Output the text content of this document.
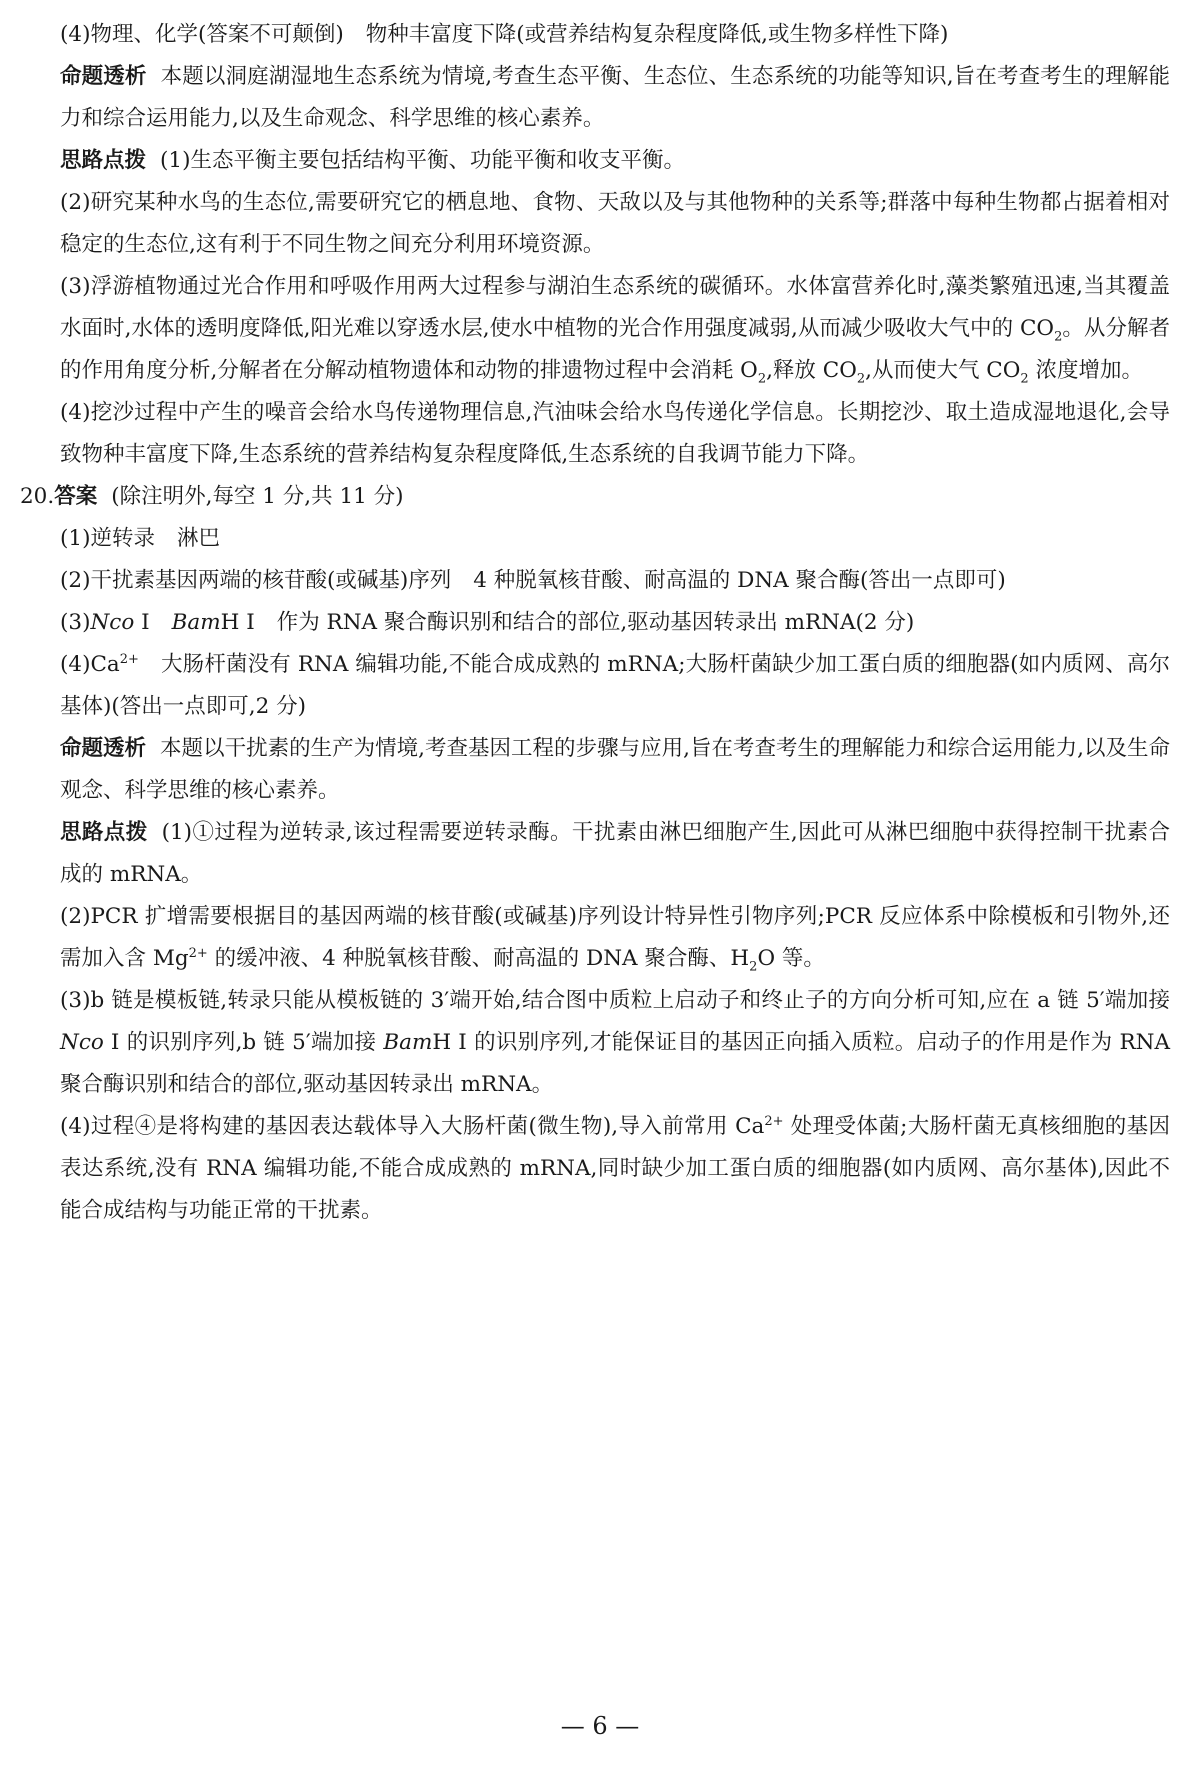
(4)物理、化学(答案不可颠倒) 物种丰富度下降(或营养结构复杂程度降低,或生物多样性下降)

命题透析 本题以洞庭湖湿地生态系统为情境,考查生态平衡、生态位、生态系统的功能等知识,旨在考查考生的理解能力和综合运用能力,以及生命观念、科学思维的核心素养。

思路点拨 (1)生态平衡主要包括结构平衡、功能平衡和收支平衡。

(2)研究某种水鸟的生态位,需要研究它的栖息地、食物、天敌以及与其他物种的关系等;群落中每种生物都占据着相对稳定的生态位,这有利于不同生物之间充分利用环境资源。

(3)浮游植物通过光合作用和呼吸作用两大过程参与湖泊生态系统的碳循环。水体富营养化时,藻类繁殖迅速,当其覆盖水面时,水体的透明度降低,阳光难以穿透水层,使水中植物的光合作用强度减弱,从而减少吸收大气中的 $CO_2$。从分解者的作用角度分析,分解者在分解动植物遗体和动物的排遗物过程中会消耗 $O_2$,释放 $CO_2$,从而使大气 $CO_2$ 浓度增加。

(4)挖沙过程中产生的噪音会给水鸟传递物理信息,汽油味会给水鸟传递化学信息。长期挖沙、取土造成湿地退化,会导致物种丰富度下降,生态系统的营养结构复杂程度降低,生态系统的自我调节能力下降。

20.答案 (除注明外,每空 1 分,共 11 分)

(1)逆转录 淋巴

(2)干扰素基因两端的核苷酸(或碱基)序列 4 种脱氧核苷酸、耐高温的 DNA 聚合酶(答出一点即可)

(3)Nco Ⅰ BamH Ⅰ 作为 RNA 聚合酶识别和结合的部位,驱动基因转录出 mRNA(2 分)

$(4)Ca^{2+}$ 大肠杆菌没有 RNA 编辑功能,不能合成成熟的 mRNA;大肠杆菌缺少加工蛋白质的细胞器(如内质网、高尔基体)(答出一点即可,2 分)

命题透析 本题以干扰素的生产为情境,考查基因工程的步骤与应用,旨在考查考生的理解能力和综合运用能力,以及生命观念、科学思维的核心素养。

思路点拨 (1)①过程为逆转录,该过程需要逆转录酶。干扰素由淋巴细胞产生,因此可从淋巴细胞中获得控制干扰素合成的 mRNA。

(2)PCR 扩增需要根据目的基因两端的核苷酸(或碱基)序列设计特异性引物序列;PCR 反应体系中除模板和引物外,还需加入含 $Mg^{2+}$ 的缓冲液、4 种脱氧核苷酸、耐高温的 DNA 聚合酶、$H_2O$ 等。

(3)b 链是模板链,转录只能从模板链的 3′端开始,结合图中质粒上启动子和终止子的方向分析可知,应在 a 链 5′端加接 Nco Ⅰ 的识别序列,b 链 5′端加接 BamH Ⅰ 的识别序列,才能保证目的基因正向插入质粒。启动子的作用是作为 RNA 聚合酶识别和结合的部位,驱动基因转录出 mRNA。

(4)过程④是将构建的基因表达载体导入大肠杆菌(微生物),导入前常用 $Ca^{2+}$ 处理受体菌;大肠杆菌无真核细胞的基因表达系统,没有 RNA 编辑功能,不能合成成熟的 mRNA,同时缺少加工蛋白质的细胞器(如内质网、高尔基体),因此不能合成结构与功能正常的干扰素。

— 6 —
